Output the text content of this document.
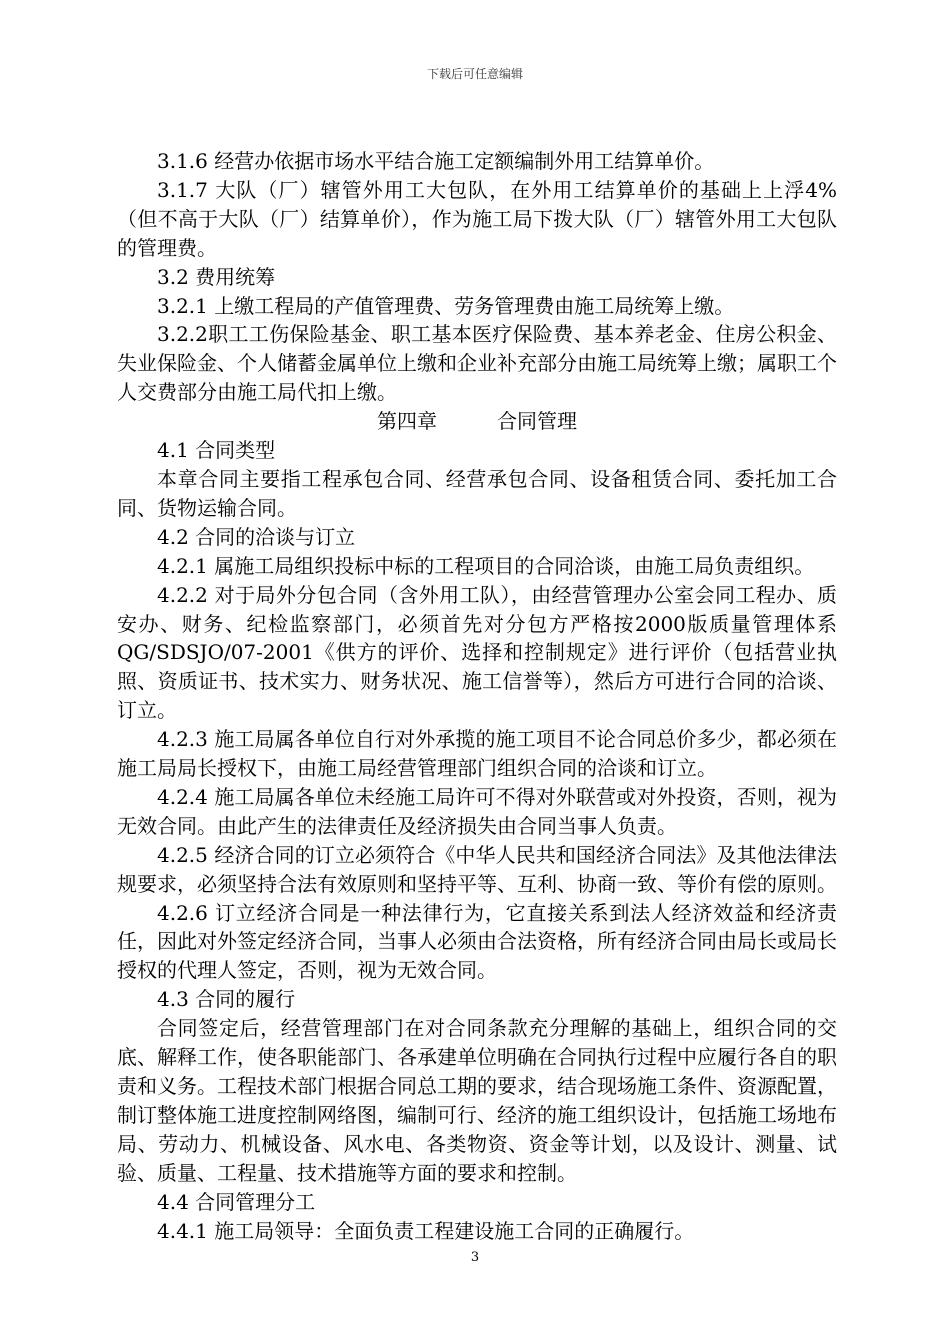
下载后可任意编辑

3.1.6 经营办依据市场水平结合施工定额编制外用工结算单价。

3.1.7 大队（厂）辖管外用工大包队，在外用工结算单价的基础上上浮4%（但不高于大队（厂）结算单价），作为施工局下拨大队（厂）辖管外用工大包队的管理费。

3.2 费用统筹

3.2.1 上缴工程局的产值管理费、劳务管理费由施工局统筹上缴。

3.2.2职工工伤保险基金、职工基本医疗保险费、基本养老金、住房公积金、失业保险金、个人储蓄金属单位上缴和企业补充部分由施工局统筹上缴；属职工个人交费部分由施工局代扣上缴。

第四章　　　合同管理

4.1 合同类型

本章合同主要指工程承包合同、经营承包合同、设备租赁合同、委托加工合同、货物运输合同。

4.2 合同的洽谈与订立

4.2.1 属施工局组织投标中标的工程项目的合同洽谈，由施工局负责组织。

4.2.2 对于局外分包合同（含外用工队），由经营管理办公室会同工程办、质安办、财务、纪检监察部门，必须首先对分包方严格按2000版质量管理体系QG/SDSJO/07-2001《供方的评价、选择和控制规定》进行评价（包括营业执照、资质证书、技术实力、财务状况、施工信誉等），然后方可进行合同的洽谈、订立。

4.2.3 施工局属各单位自行对外承揽的施工项目不论合同总价多少，都必须在施工局局长授权下，由施工局经营管理部门组织合同的洽谈和订立。

4.2.4 施工局属各单位未经施工局许可不得对外联营或对外投资，否则，视为无效合同。由此产生的法律责任及经济损失由合同当事人负责。

4.2.5 经济合同的订立必须符合《中华人民共和国经济合同法》及其他法律法规要求，必须坚持合法有效原则和坚持平等、互利、协商一致、等价有偿的原则。

4.2.6 订立经济合同是一种法律行为，它直接关系到法人经济效益和经济责任，因此对外签定经济合同，当事人必须由合法资格，所有经济合同由局长或局长授权的代理人签定，否则，视为无效合同。

4.3 合同的履行

合同签定后，经营管理部门在对合同条款充分理解的基础上，组织合同的交底、解释工作，使各职能部门、各承建单位明确在合同执行过程中应履行各自的职责和义务。工程技术部门根据合同总工期的要求，结合现场施工条件、资源配置，制订整体施工进度控制网络图，编制可行、经济的施工组织设计，包括施工场地布局、劳动力、机械设备、风水电、各类物资、资金等计划，以及设计、测量、试验、质量、工程量、技术措施等方面的要求和控制。

4.4 合同管理分工

4.4.1 施工局领导：全面负责工程建设施工合同的正确履行。

3
